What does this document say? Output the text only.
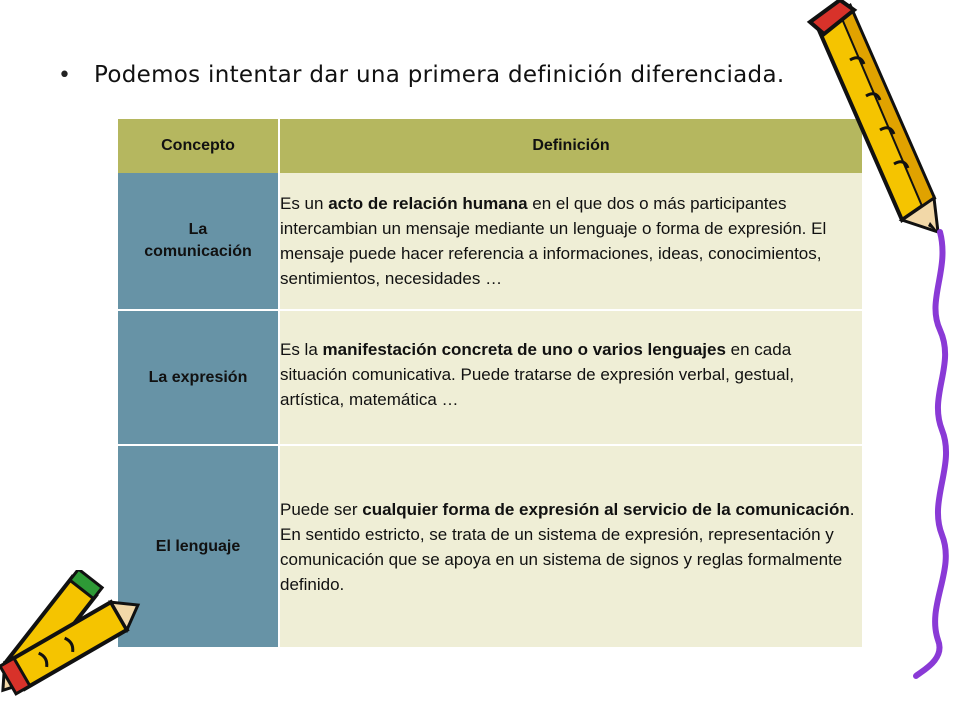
•	Podemos intentar dar una primera definición diferenciada.
Concepto	Definición
La comunicación	Es un acto de relación humana en el que dos o más participantes intercambian un mensaje mediante un lenguaje o forma de expresión. El mensaje puede hacer referencia a informaciones, ideas, conocimientos, sentimientos, necesidades …
La expresión	Es la manifestación concreta de uno o varios lenguajes en cada situación comunicativa. Puede tratarse de expresión verbal, gestual, artística, matemática …

El lenguaje	Puede ser cualquier forma de expresión al servicio de la comunicación. En sentido estricto, se trata de un sistema de expresión, representación y comunicación que se apoya en un sistema de signos y reglas formalmente definido.
